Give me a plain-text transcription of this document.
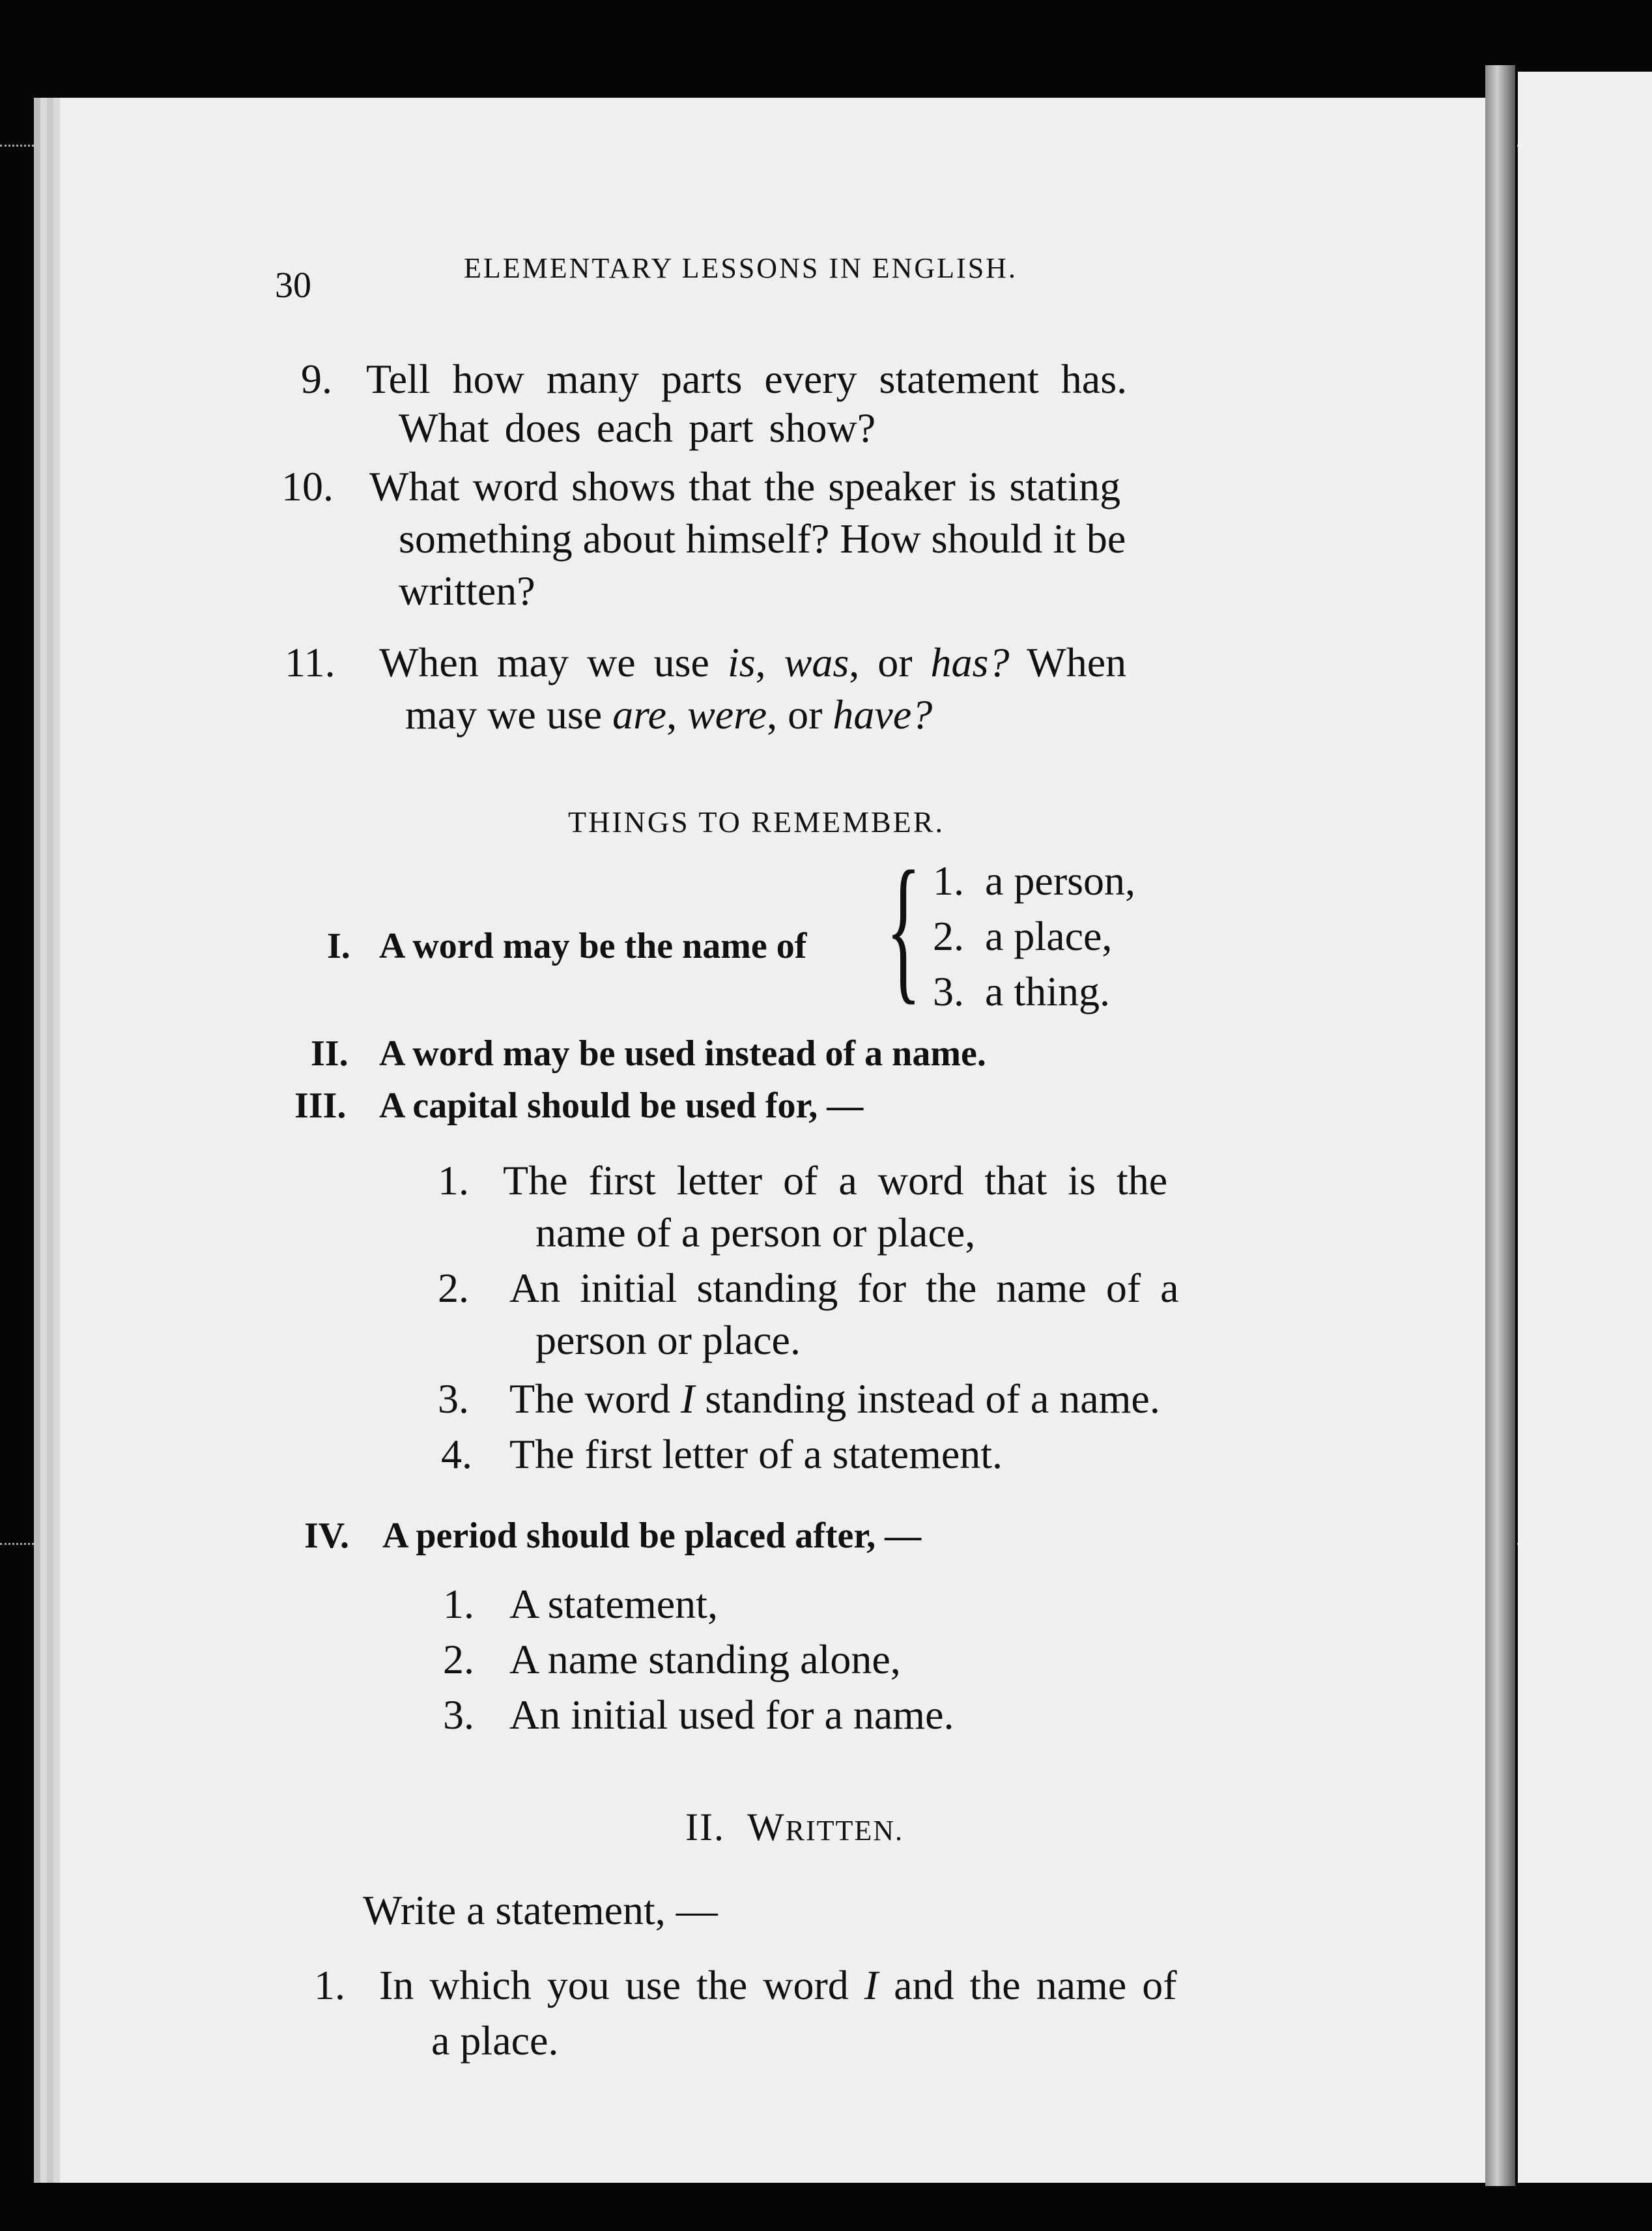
30	ELEMENTARY LESSONS IN ENGLISH.
9. Tell how many parts every statement has.
What does each part show?
10. What word shows that the speaker is stating
something about himself? How should it be
written?
11. When may we use is, was, or has? When
may we use are, were, or have?
THINGS TO REMEMBER.
I. A word may be the name of { 1.  a person,
2.  a place,
3.  a thing.
II. A word may be used instead of a name.
III. A capital should be used for, —
1. The first letter of a word that is the
name of a person or place,
2. An initial standing for the name of a
person or place.
3. The word I standing instead of a name.
4. The first letter of a statement.
IV. A period should be placed after, —
1. A statement,
2. A name standing alone,
3. An initial used for a name.
II. WRITTEN.
Write a statement, —
1. In which you use the word I and the name of
a place.
